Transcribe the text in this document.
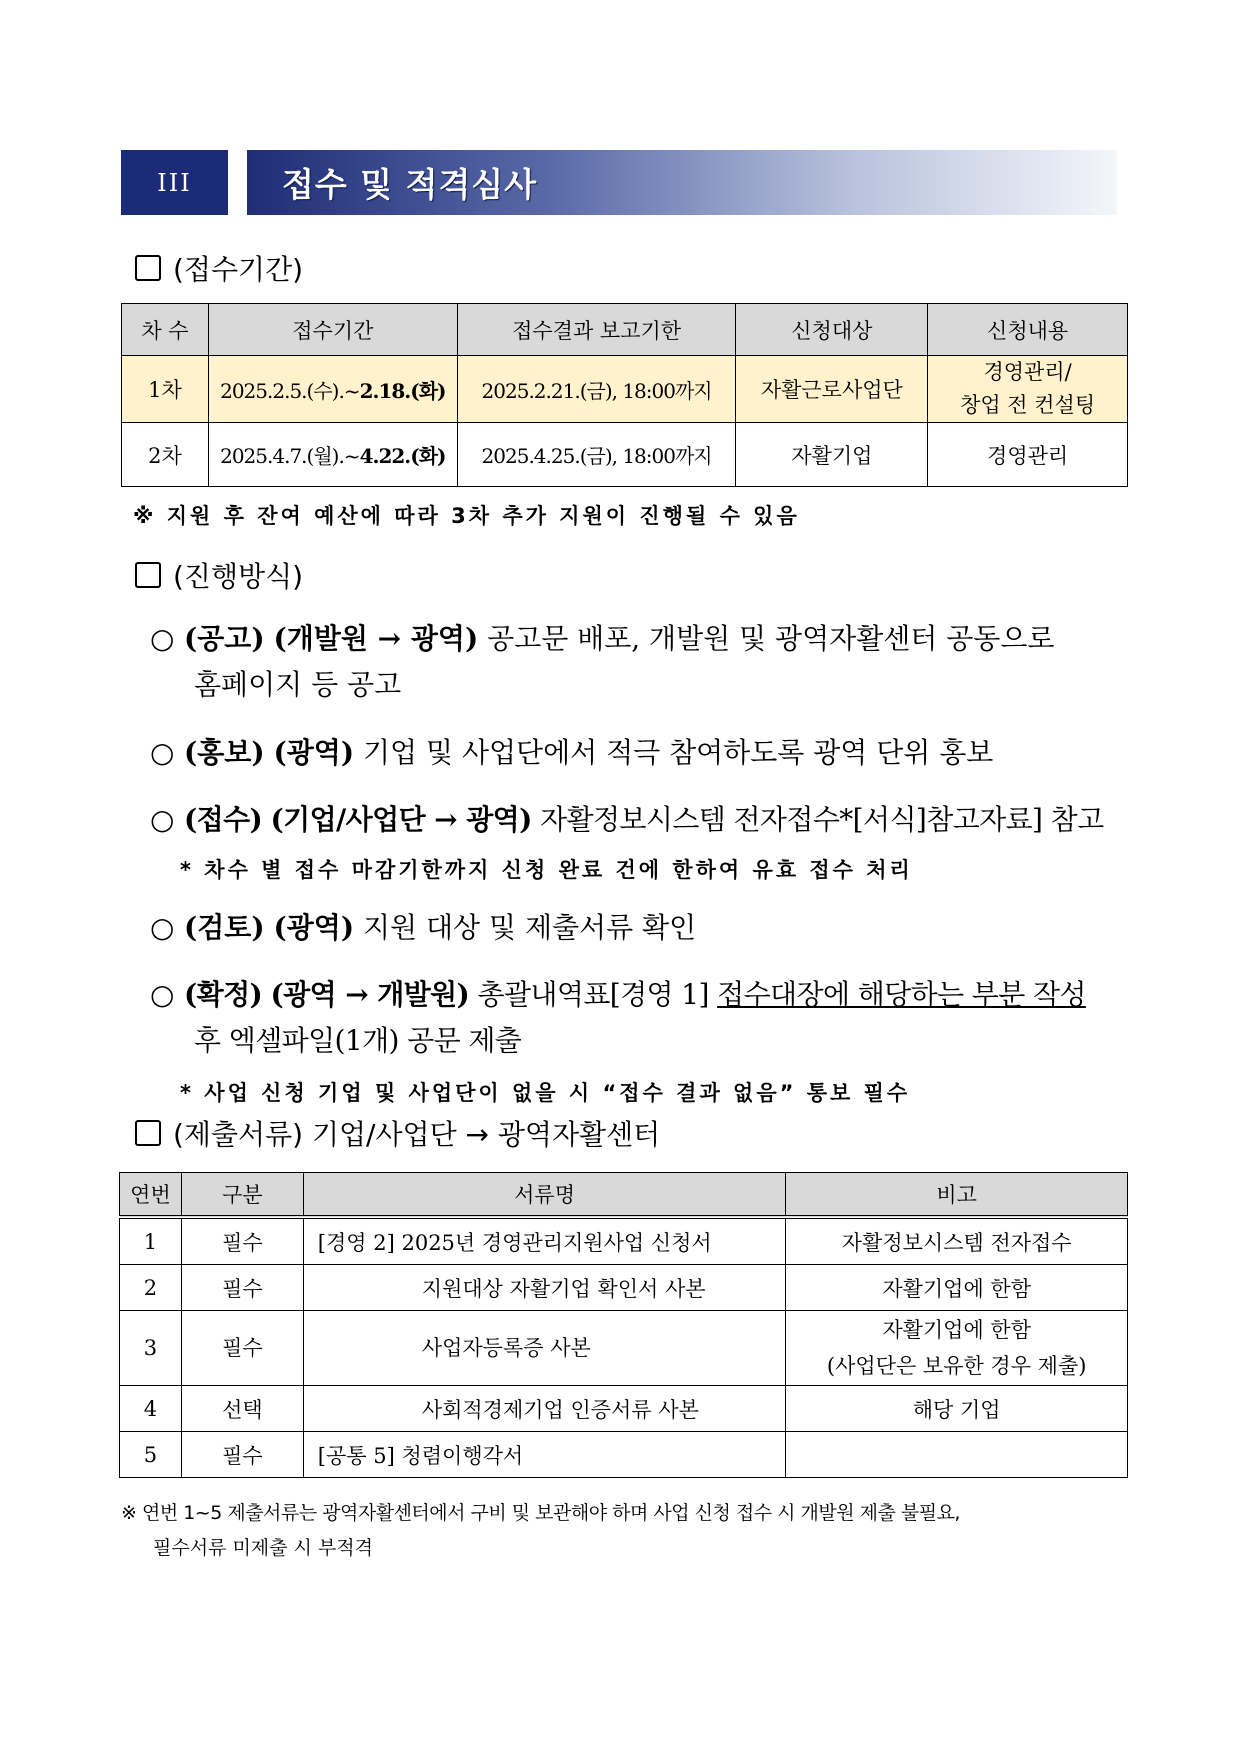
III	접수 및 적격심사
(접수기간)
차 수	접수기간	접수결과 보고기한	신청대상	신청내용
1차	2025.2.5.(수).~2.18.(화)	2025.2.21.(금), 18:00까지	자활근로사업단	경영관리/
창업 전 컨설팅
2차	2025.4.7.(월).~4.22.(화)	2025.4.25.(금), 18:00까지	자활기업	경영관리
※ 지원 후 잔여 예산에 따라 3차 추가 지원이 진행될 수 있음
(진행방식)
○ (공고) (개발원 → 광역) 공고문 배포, 개발원 및 광역자활센터 공동으로
홈페이지 등 공고
○ (홍보) (광역) 기업 및 사업단에서 적극 참여하도록 광역 단위 홍보
○ (접수) (기업/사업단 → 광역) 자활정보시스템 전자접수*[서식]참고자료] 참고
* 차수 별 접수 마감기한까지 신청 완료 건에 한하여 유효 접수 처리
○ (검토) (광역) 지원 대상 및 제출서류 확인
○ (확정) (광역 → 개발원) 총괄내역표[경영 1] 접수대장에 해당하는 부분 작성
후 엑셀파일(1개) 공문 제출
* 사업 신청 기업 및 사업단이 없을 시 “접수 결과 없음” 통보 필수
(제출서류) 기업/사업단 → 광역자활센터
연번	구분	서류명	비고
1	필수	[경영 2] 2025년 경영관리지원사업 신청서	자활정보시스템 전자접수
2	필수	지원대상 자활기업 확인서 사본	자활기업에 한함
3	필수	사업자등록증 사본	자활기업에 한함
(사업단은 보유한 경우 제출)
4	선택	사회적경제기업 인증서류 사본	해당 기업
5	필수	[공통 5] 청렴이행각서	
※ 연번 1~5 제출서류는 광역자활센터에서 구비 및 보관해야 하며 사업 신청 접수 시 개발원 제출 불필요,
필수서류 미제출 시 부적격
